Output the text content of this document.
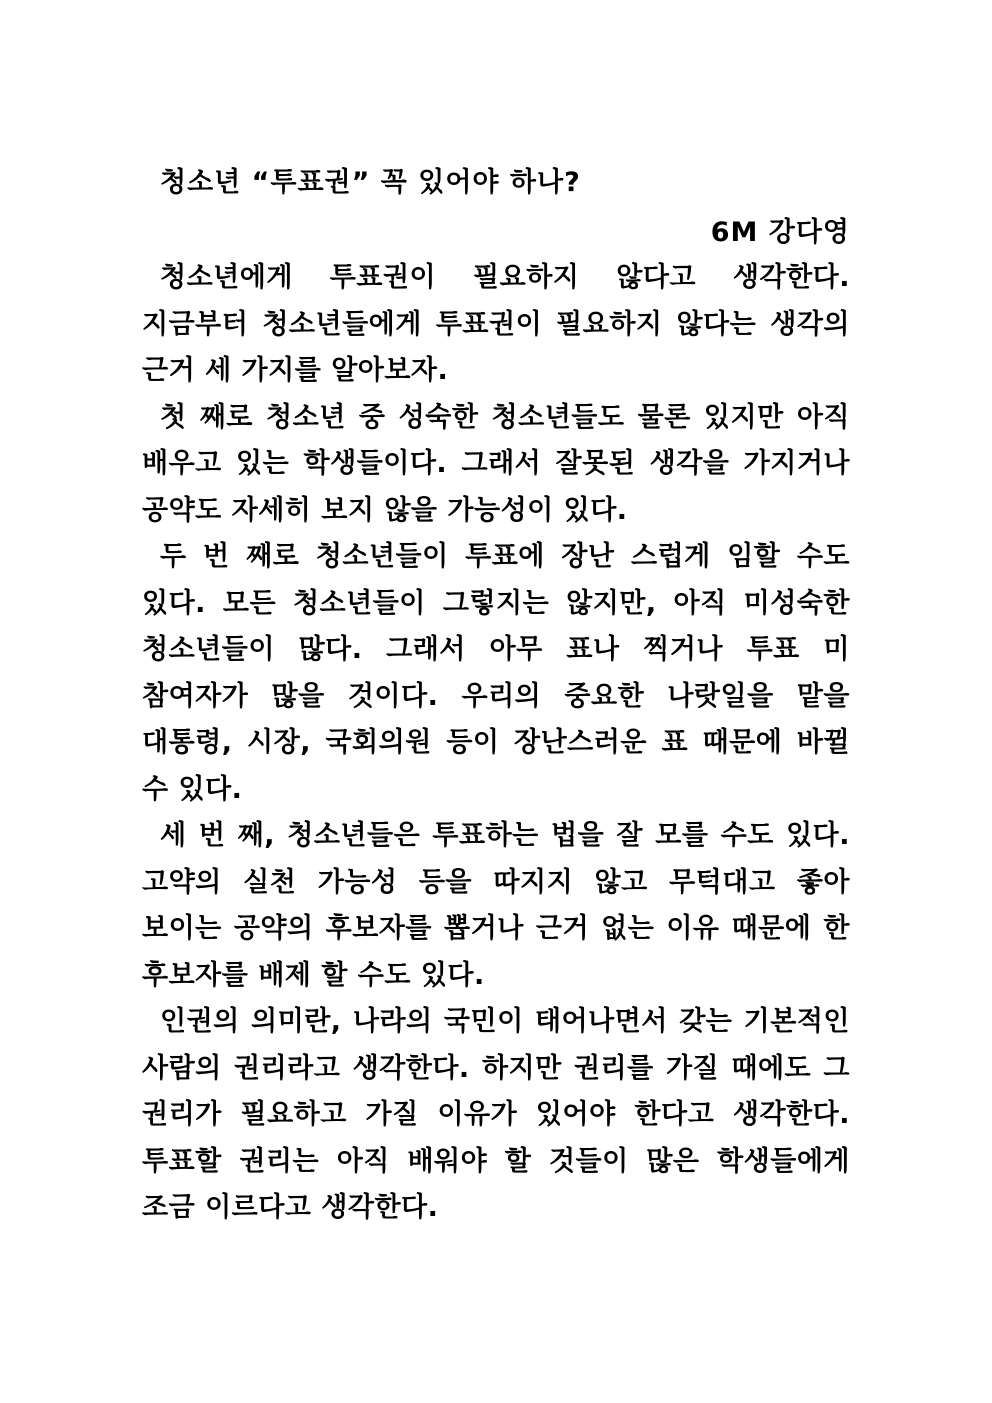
청소년 “투표권” 꼭 있어야 하나?
6M 강다영

청소년에게 투표권이 필요하지 않다고 생각한다. 지금부터 청소년들에게 투표권이 필요하지 않다는 생각의 근거 세 가지를 알아보자.

첫 째로 청소년 중 성숙한 청소년들도 물론 있지만 아직 배우고 있는 학생들이다. 그래서 잘못된 생각을 가지거나 공약도 자세히 보지 않을 가능성이 있다.

두 번 째로 청소년들이 투표에 장난 스럽게 임할 수도 있다. 모든 청소년들이 그렇지는 않지만, 아직 미성숙한 청소년들이 많다. 그래서 아무 표나 찍거나 투표 미 참여자가 많을 것이다. 우리의 중요한 나랏일을 맡을 대통령, 시장, 국회의원 등이 장난스러운 표 때문에 바뀔 수 있다.

세 번 째, 청소년들은 투표하는 법을 잘 모를 수도 있다. 고약의 실천 가능성 등을 따지지 않고 무턱대고 좋아 보이는 공약의 후보자를 뽑거나 근거 없는 이유 때문에 한 후보자를 배제 할 수도 있다.

인권의 의미란, 나라의 국민이 태어나면서 갖는 기본적인 사람의 권리라고 생각한다. 하지만 권리를 가질 때에도 그 권리가 필요하고 가질 이유가 있어야 한다고 생각한다. 투표할 권리는 아직 배워야 할 것들이 많은 학생들에게 조금 이르다고 생각한다.
